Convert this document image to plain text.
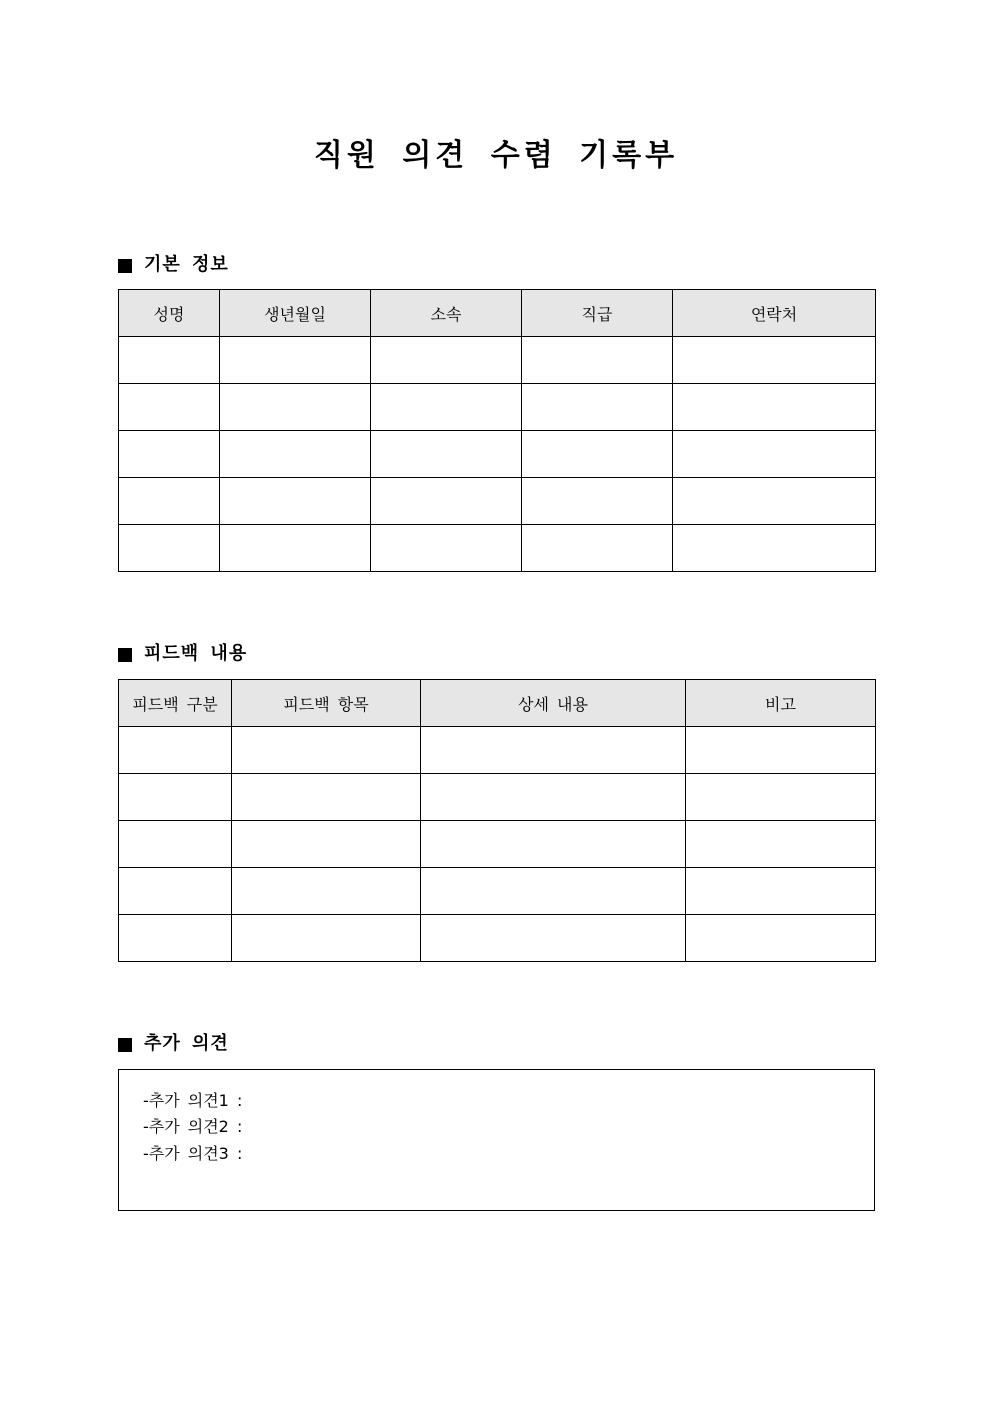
직원 의견 수렴 기록부
기본 정보
성명	생년월일	소속	직급	연락처

피드백 내용
피드백 구분	피드백 항목	상세 내용	비고

추가 의견
-추가 의견1 :
-추가 의견2 :
-추가 의견3 :
